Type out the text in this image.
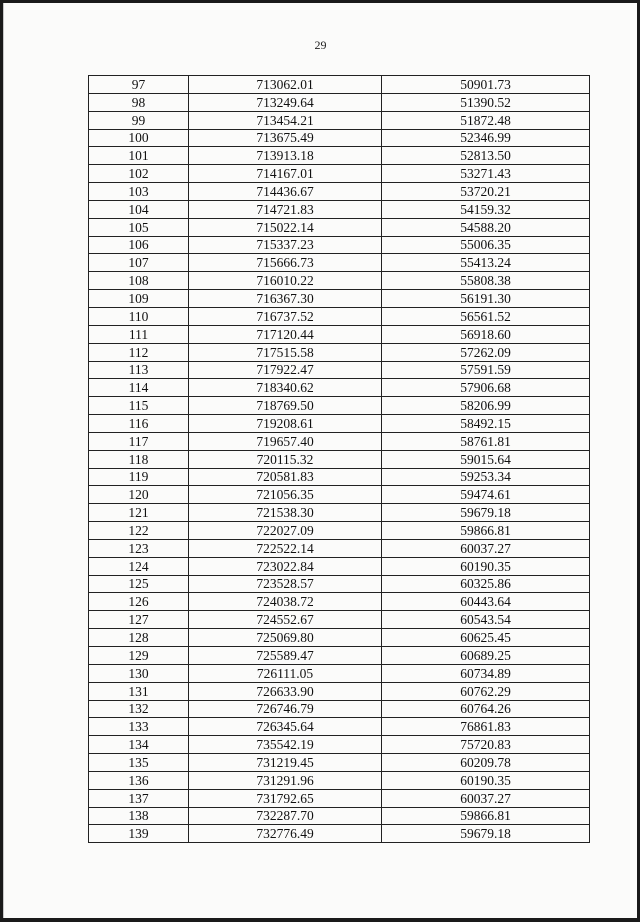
29
97	713062.01	50901.73
98	713249.64	51390.52
99	713454.21	51872.48
100	713675.49	52346.99
101	713913.18	52813.50
102	714167.01	53271.43
103	714436.67	53720.21
104	714721.83	54159.32
105	715022.14	54588.20
106	715337.23	55006.35
107	715666.73	55413.24
108	716010.22	55808.38
109	716367.30	56191.30
110	716737.52	56561.52
111	717120.44	56918.60
112	717515.58	57262.09
113	717922.47	57591.59
114	718340.62	57906.68
115	718769.50	58206.99
116	719208.61	58492.15
117	719657.40	58761.81
118	720115.32	59015.64
119	720581.83	59253.34
120	721056.35	59474.61
121	721538.30	59679.18
122	722027.09	59866.81
123	722522.14	60037.27
124	723022.84	60190.35
125	723528.57	60325.86
126	724038.72	60443.64
127	724552.67	60543.54
128	725069.80	60625.45
129	725589.47	60689.25
130	726111.05	60734.89
131	726633.90	60762.29
132	726746.79	60764.26
133	726345.64	76861.83
134	735542.19	75720.83
135	731219.45	60209.78
136	731291.96	60190.35
137	731792.65	60037.27
138	732287.70	59866.81
139	732776.49	59679.18
